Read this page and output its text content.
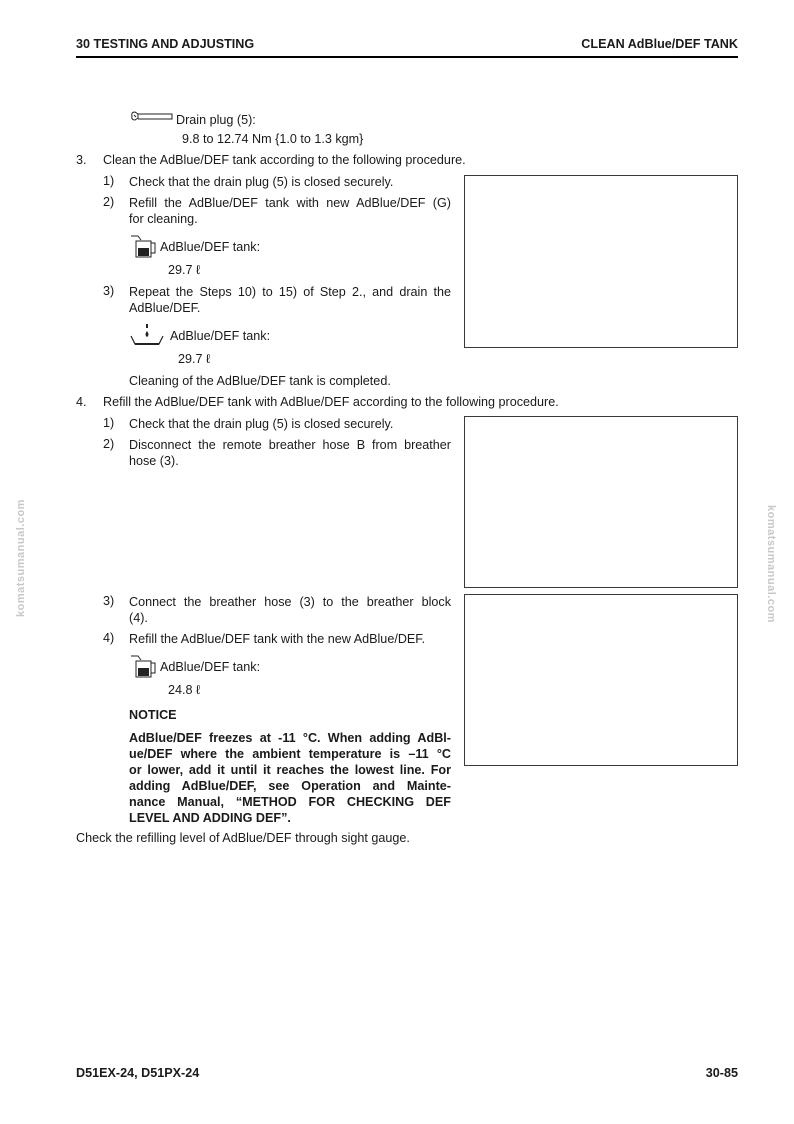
30 TESTING AND ADJUSTING	CLEAN AdBlue/DEF TANK
Drain plug (5):
9.8 to 12.74 Nm {1.0 to 1.3 kgm}
3. Clean the AdBlue/DEF tank according to the following procedure.
1) Check that the drain plug (5) is closed securely.
2) Refill the AdBlue/DEF tank with new AdBlue/DEF (G)
for cleaning.
AdBlue/DEF tank:
29.7 ℓ
3) Repeat the Steps 10) to 15) of Step 2., and drain the
AdBlue/DEF.
AdBlue/DEF tank:
29.7 ℓ
Cleaning of the AdBlue/DEF tank is completed.
4. Refill the AdBlue/DEF tank with AdBlue/DEF according to the following procedure.
1) Check that the drain plug (5) is closed securely.
2) Disconnect the remote breather hose B from breather
hose (3).
3) Connect the breather hose (3) to the breather block
(4).
4) Refill the AdBlue/DEF tank with the new AdBlue/DEF.
AdBlue/DEF tank:
24.8 ℓ
NOTICE
AdBlue/DEF freezes at -11 °C. When adding AdBl-
ue/DEF where the ambient temperature is –11 °C
or lower, add it until it reaches the lowest line. For
adding AdBlue/DEF, see Operation and Mainte-
nance Manual, “METHOD FOR CHECKING DEF
LEVEL AND ADDING DEF”.
Check the refilling level of AdBlue/DEF through sight gauge.
komatsumanual.com	komatsumanual.com
D51EX-24, D51PX-24	30-85
